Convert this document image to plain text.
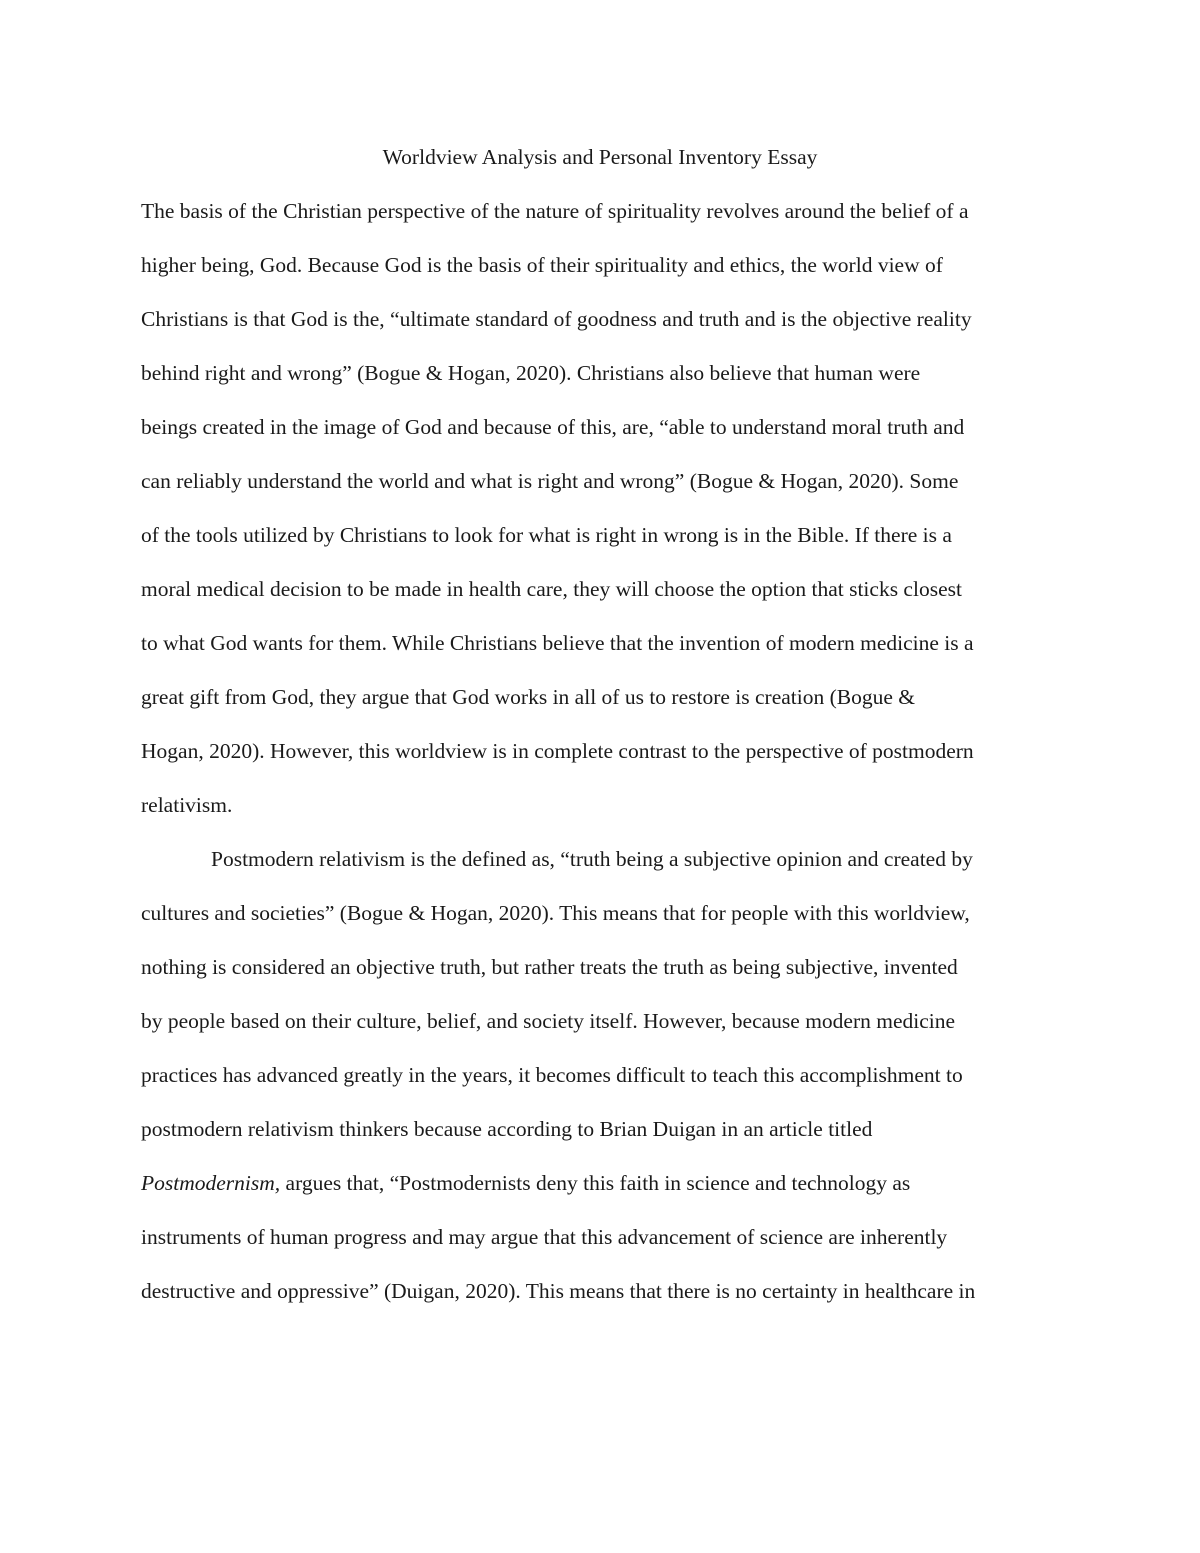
Worldview Analysis and Personal Inventory Essay
The basis of the Christian perspective of the nature of spirituality revolves around the belief of a
higher being, God. Because God is the basis of their spirituality and ethics, the world view of
Christians is that God is the, “ultimate standard of goodness and truth and is the objective reality
behind right and wrong” (Bogue & Hogan, 2020). Christians also believe that human were
beings created in the image of God and because of this, are, “able to understand moral truth and
can reliably understand the world and what is right and wrong” (Bogue & Hogan, 2020). Some
of the tools utilized by Christians to look for what is right in wrong is in the Bible. If there is a
moral medical decision to be made in health care, they will choose the option that sticks closest
to what God wants for them. While Christians believe that the invention of modern medicine is a
great gift from God, they argue that God works in all of us to restore is creation (Bogue &
Hogan, 2020). However, this worldview is in complete contrast to the perspective of postmodern
relativism.
Postmodern relativism is the defined as, “truth being a subjective opinion and created by
cultures and societies” (Bogue & Hogan, 2020). This means that for people with this worldview,
nothing is considered an objective truth, but rather treats the truth as being subjective, invented
by people based on their culture, belief, and society itself. However, because modern medicine
practices has advanced greatly in the years, it becomes difficult to teach this accomplishment to
postmodern relativism thinkers because according to Brian Duigan in an article titled
Postmodernism, argues that, “Postmodernists deny this faith in science and technology as
instruments of human progress and may argue that this advancement of science are inherently
destructive and oppressive” (Duigan, 2020). This means that there is no certainty in healthcare in
